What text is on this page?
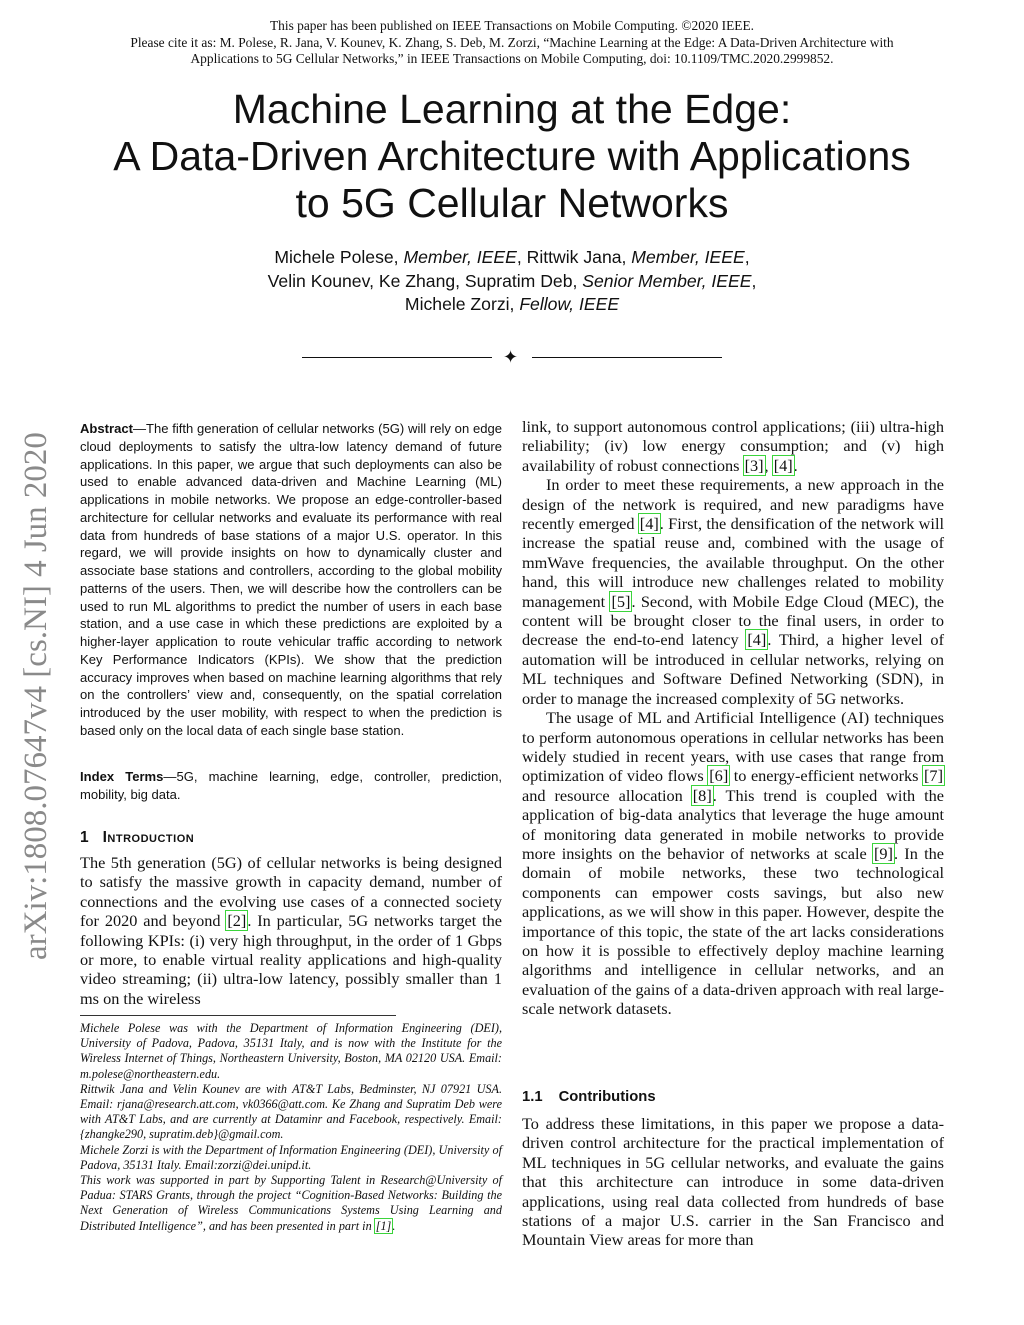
This paper has been published on IEEE Transactions on Mobile Computing. ©2020 IEEE.
Please cite it as: M. Polese, R. Jana, V. Kounev, K. Zhang, S. Deb, M. Zorzi, “Machine Learning at the Edge: A Data-Driven Architecture with
Applications to 5G Cellular Networks,” in IEEE Transactions on Mobile Computing, doi: 10.1109/TMC.2020.2999852.
Machine Learning at the Edge:
A Data-Driven Architecture with Applications
to 5G Cellular Networks
Michele Polese, Member, IEEE, Rittwik Jana, Member, IEEE,
Velin Kounev, Ke Zhang, Supratim Deb, Senior Member, IEEE,
Michele Zorzi, Fellow, IEEE
✦
arXiv:1808.07647v4 [cs.NI] 4 Jun 2020

Abstract—The fifth generation of cellular networks (5G) will rely on edge cloud deployments to satisfy the ultra-low latency demand of future applications. In this paper, we argue that such deployments can also be used to enable advanced data-driven and Machine Learning (ML) applications in mobile networks. We propose an edge-controller-based architecture for cellular networks and evaluate its performance with real data from hundreds of base stations of a major U.S. operator. In this regard, we will provide insights on how to dynamically cluster and associate base stations and controllers, according to the global mobility patterns of the users. Then, we will describe how the controllers can be used to run ML algorithms to predict the number of users in each base station, and a use case in which these predictions are exploited by a higher-layer application to route vehicular traffic according to network Key Performance Indicators (KPIs). We show that the prediction accuracy improves when based on machine learning algorithms that rely on the controllers’ view and, consequently, on the spatial correlation introduced by the user mobility, with respect to when the prediction is based only on the local data of each single base station.

Index Terms—5G, machine learning, edge, controller, prediction, mobility, big data.

1 Introduction

The 5th generation (5G) of cellular networks is being designed to satisfy the massive growth in capacity demand, number of connections and the evolving use cases of a connected society for 2020 and beyond [2]. In particular, 5G networks target the following KPIs: (i) very high throughput, in the order of 1 Gbps or more, to enable virtual reality applications and high-quality video streaming; (ii) ultra-low latency, possibly smaller than 1 ms on the wireless

Michele Polese was with the Department of Information Engineering (DEI), University of Padova, Padova, 35131 Italy, and is now with the Institute for the Wireless Internet of Things, Northeastern University, Boston, MA 02120 USA. Email: m.polese@northeastern.edu.

Rittwik Jana and Velin Kounev are with AT&T Labs, Bedminster, NJ 07921 USA. Email: rjana@research.att.com, vk0366@att.com. Ke Zhang and Supratim Deb were with AT&T Labs, and are currently at Dataminr and Facebook, respectively. Email: {zhangke290, supratim.deb}@gmail.com.

Michele Zorzi is with the Department of Information Engineering (DEI), University of Padova, 35131 Italy. Email:zorzi@dei.unipd.it.

This work was supported in part by Supporting Talent in Research@University of Padua: STARS Grants, through the project “Cognition-Based Networks: Building the Next Generation of Wireless Communications Systems Using Learning and Distributed Intelligence”, and has been presented in part in [1].

link, to support autonomous control applications; (iii) ultra-high reliability; (iv) low energy consumption; and (v) high availability of robust connections [3], [4].

In order to meet these requirements, a new approach in the design of the network is required, and new paradigms have recently emerged [4]. First, the densification of the network will increase the spatial reuse and, combined with the usage of mmWave frequencies, the available throughput. On the other hand, this will introduce new challenges related to mobility management [5]. Second, with Mobile Edge Cloud (MEC), the content will be brought closer to the final users, in order to decrease the end-to-end latency [4]. Third, a higher level of automation will be introduced in cellular networks, relying on ML techniques and Software Defined Networking (SDN), in order to manage the increased complexity of 5G networks.

The usage of ML and Artificial Intelligence (AI) techniques to perform autonomous operations in cellular networks has been widely studied in recent years, with use cases that range from optimization of video flows [6] to energy-efficient networks [7] and resource allocation [8]. This trend is coupled with the application of big-data analytics that leverage the huge amount of monitoring data generated in mobile networks to provide more insights on the behavior of networks at scale [9]. In the domain of mobile networks, these two technological components can empower costs savings, but also new applications, as we will show in this paper. However, despite the importance of this topic, the state of the art lacks considerations on how it is possible to effectively deploy machine learning algorithms and intelligence in cellular networks, and an evaluation of the gains of a data-driven approach with real large-scale network datasets.

1.1 Contributions

To address these limitations, in this paper we propose a data-driven control architecture for the practical implementation of ML techniques in 5G cellular networks, and evaluate the gains that this architecture can introduce in some data-driven applications, using real data collected from hundreds of base stations of a major U.S. carrier in the San Francisco and Mountain View areas for more than
